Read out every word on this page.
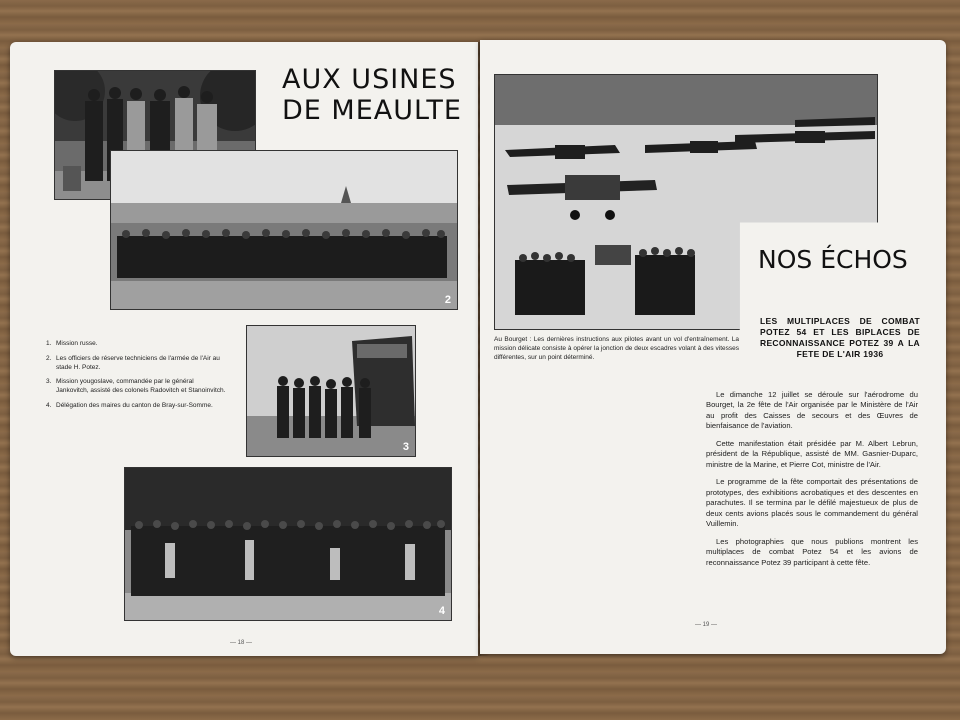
AUX USINES
DE MEAULTE
2
1. Mission russe.
2. Les officiers de réserve techniciens de l'armée de l'Air au stade H. Potez.
3. Mission yougoslave, commandée par le général Jankovitch, assisté des colonels Radovitch et Stanoinvitch.
4. Délégation des maires du canton de Bray-sur-Somme.
3
4
— 18 —
NOS ÉCHOS
Au Bourget : Les dernières instructions aux pilotes avant un vol d'entraînement. La mission délicate consiste à opérer la jonction de deux escadres volant à des vitesses différentes, sur un point déterminé.
LES MULTIPLACES DE COMBAT POTEZ 54 ET LES BIPLACES DE RECONNAISSANCE POTEZ 39 A LA FETE DE L'AIR 1936

Le dimanche 12 juillet se déroule sur l'aérodrome du Bourget, la 2e fête de l'Air organisée par le Ministère de l'Air au profit des Caisses de secours et des Œuvres de bienfaisance de l'aviation.

Cette manifestation était présidée par M. Albert Lebrun, président de la République, assisté de MM. Gasnier-Duparc, ministre de la Marine, et Pierre Cot, ministre de l'Air.

Le programme de la fête comportait des présentations de prototypes, des exhibitions acrobatiques et des descentes en parachutes. Il se termina par le défilé majestueux de plus de deux cents avions placés sous le commandement du général Vuillemin.

Les photographies que nous publions montrent les multiplaces de combat Potez 54 et les avions de reconnaissance Potez 39 participant à cette fête.

— 19 —
